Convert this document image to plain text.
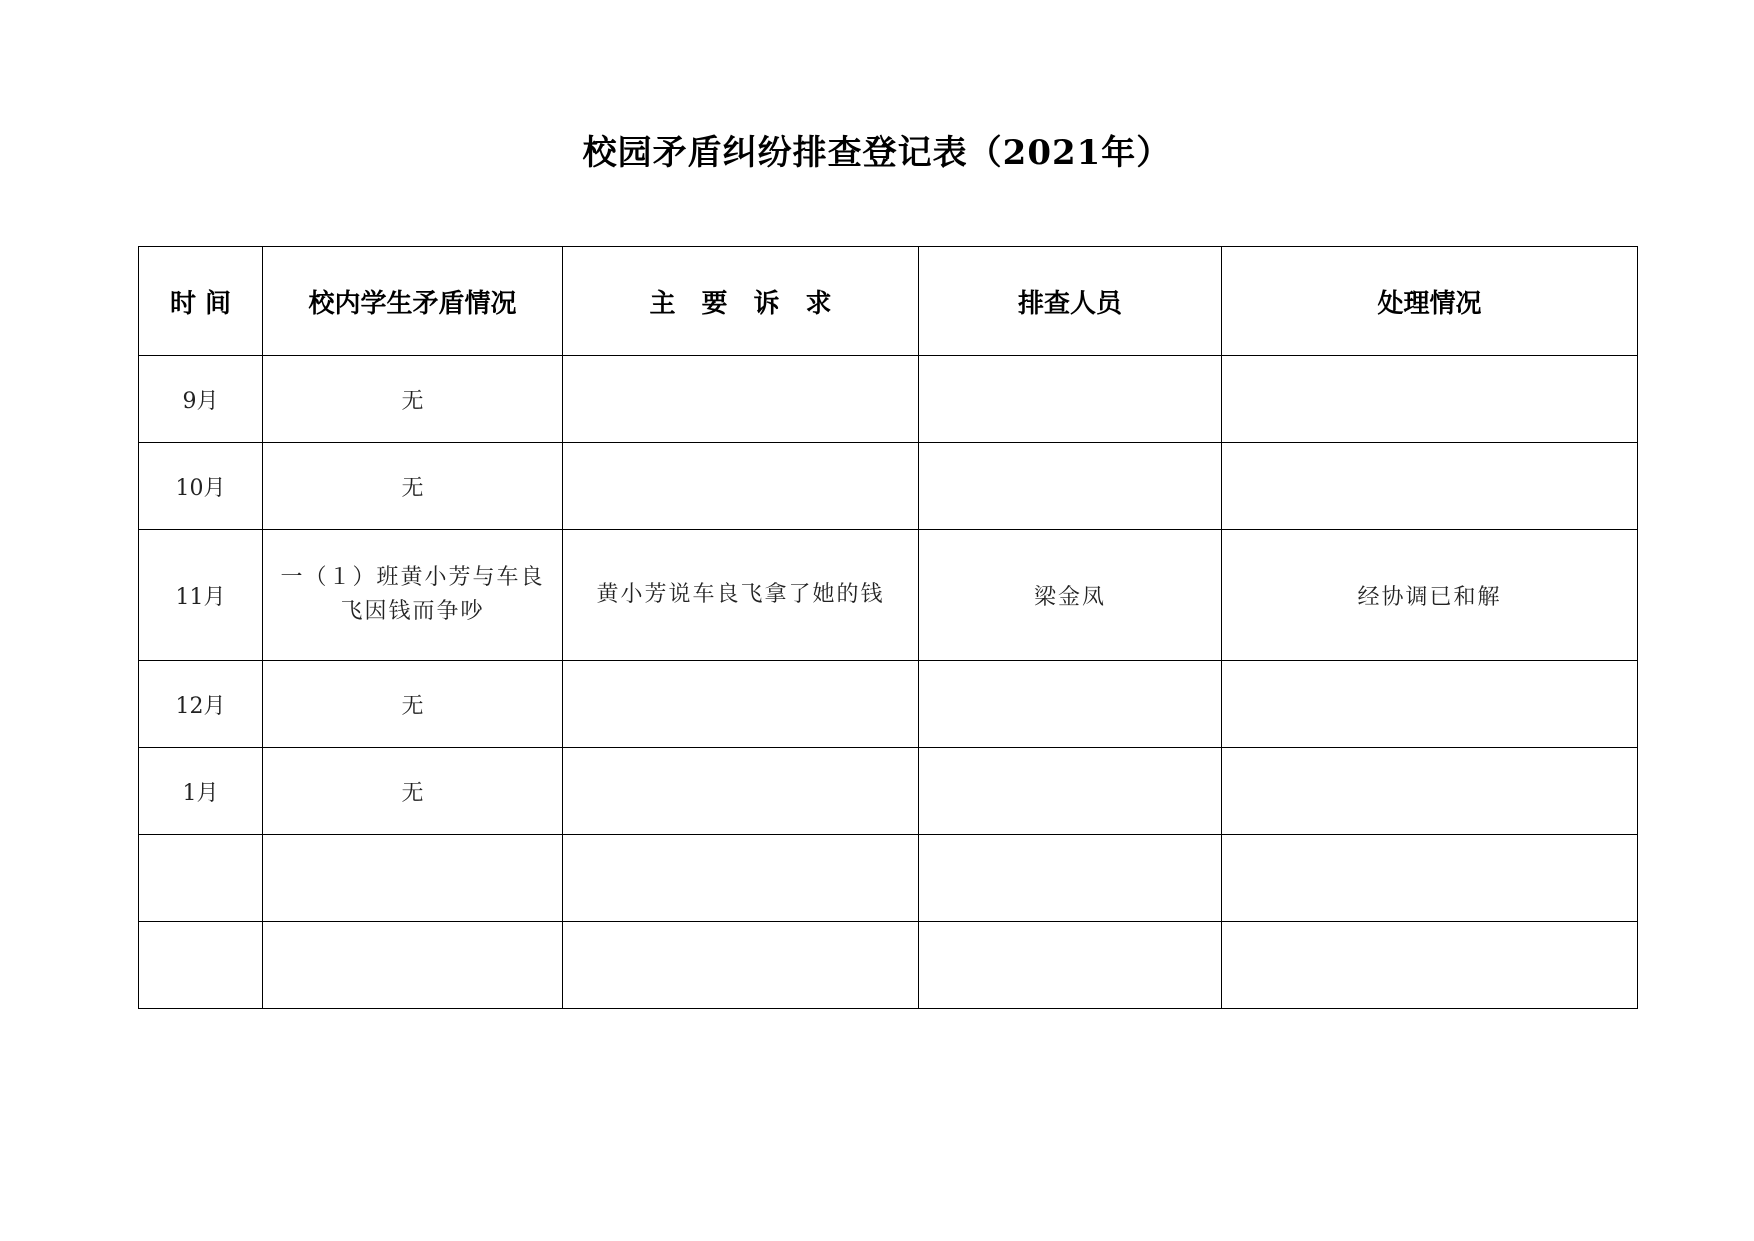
校园矛盾纠纷排查登记表（2021年）
时 间	校内学生矛盾情况	主　要　诉　求	排查人员	处理情况
9月	无			
10月	无			
11月	一（１）班黄小芳与车良飞因钱而争吵	黄小芳说车良飞拿了她的钱	梁金凤	经协调已和解
12月	无			
1月	无			
